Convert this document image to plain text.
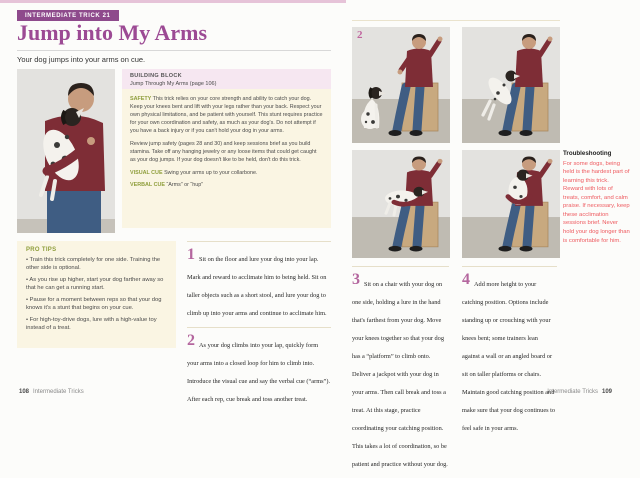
INTERMEDIATE TRICK 21
Jump into My Arms
Your dog jumps into your arms on cue.
BUILDING BLOCK
Jump Through My Arms (page 106)

SAFETY This trick relies on your core strength and ability to catch your dog. Keep your knees bent and lift with your legs rather than your back. Respect your own physical limitations, and be patient with yourself. This stunt requires practice for your own coordination and safety, as much as your dog's. Do not attempt if you have a back injury or if you can't hold your dog in your arms.

Review jump safety (pages 28 and 30) and keep sessions brief as you build stamina. Take off any hanging jewelry or any loose items that could get caught as your dog jumps. If your dog doesn't like to be held, don't do this trick.

VISUAL CUE Swing your arms up to your collarbone.

VERBAL CUE “Arms” or “hup”

PRO TIPS
• Train this trick completely for one side. Training the other side is optional.
• As you rise up higher, start your dog farther away so that he can get a running start.
• Pause for a moment between reps so that your dog knows it's a stunt that begins on your cue.
• For high-toy-drive dogs, lure with a high-value toy instead of a treat.
1 Sit on the floor and lure your dog into your lap. Mark and reward to acclimate him to being held. Sit on taller objects such as a short stool, and lure your dog to climb up into your arms and continue to acclimate him.
2 As your dog climbs into your lap, quickly form your arms into a closed loop for him to climb into. Introduce the visual cue and say the verbal cue (“arms”). After each rep, cue break and toss another treat.
108 Intermediate Tricks
2
3 Sit on a chair with your dog on one side, holding a lure in the hand that's farthest from your dog. Move your knees together so that your dog has a “platform” to climb onto. Deliver a jackpot with your dog in your arms. Then call break and toss a treat. At this stage, practice coordinating your catching position. This takes a lot of coordination, so be patient and practice without your dog.
4 Add more height to your catching position. Options include standing up or crouching with your knees bent; some trainers lean against a wall or an angled board or sit on taller platforms or chairs. Maintain good catching position and make sure that your dog continues to feel safe in your arms.
Troubleshooting
For some dogs, being held is the hardest part of learning this trick. Reward with lots of treats, comfort, and calm praise. If necessary, keep these acclimation sessions brief. Never hold your dog longer than is comfortable for him.
Intermediate Tricks 109
